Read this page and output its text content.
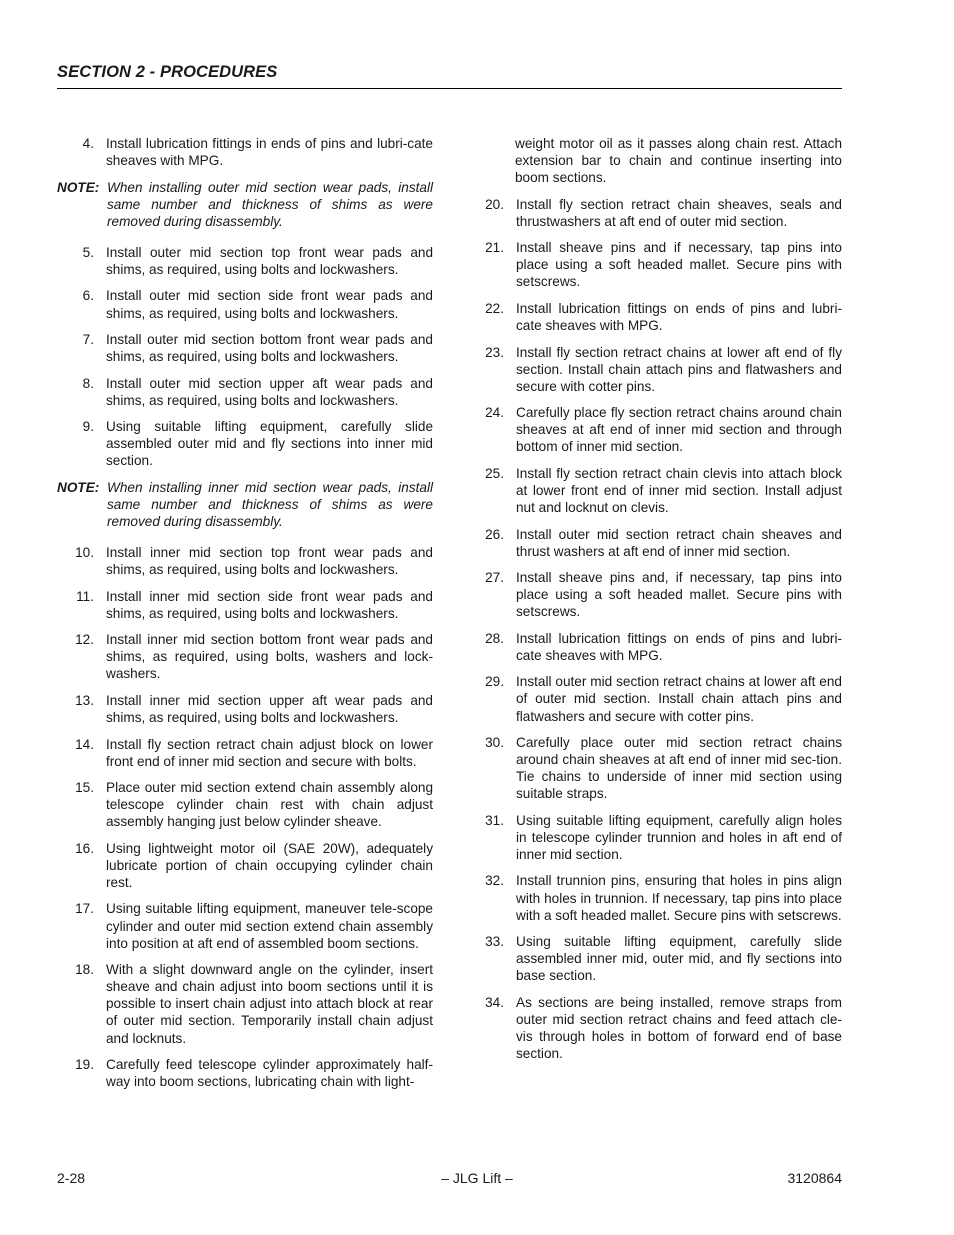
SECTION 2 - PROCEDURES
4. Install lubrication fittings in ends of pins and lubri-cate sheaves with MPG.
NOTE: When installing outer mid section wear pads, install same number and thickness of shims as were removed during disassembly.
5. Install outer mid section top front wear pads and shims, as required, using bolts and lockwashers.
6. Install outer mid section side front wear pads and shims, as required, using bolts and lockwashers.
7. Install outer mid section bottom front wear pads and shims, as required, using bolts and lockwashers.
8. Install outer mid section upper aft wear pads and shims, as required, using bolts and lockwashers.
9. Using suitable lifting equipment, carefully slide assembled outer mid and fly sections into inner mid section.
NOTE: When installing inner mid section wear pads, install same number and thickness of shims as were removed during disassembly.
10. Install inner mid section top front wear pads and shims, as required, using bolts and lockwashers.
11. Install inner mid section side front wear pads and shims, as required, using bolts and lockwashers.
12. Install inner mid section bottom front wear pads and shims, as required, using bolts, washers and lock-washers.
13. Install inner mid section upper aft wear pads and shims, as required, using bolts and lockwashers.
14. Install fly section retract chain adjust block on lower front end of inner mid section and secure with bolts.
15. Place outer mid section extend chain assembly along telescope cylinder chain rest with chain adjust assembly hanging just below cylinder sheave.
16. Using lightweight motor oil (SAE 20W), adequately lubricate portion of chain occupying cylinder chain rest.
17. Using suitable lifting equipment, maneuver tele-scope cylinder and outer mid section extend chain assembly into position at aft end of assembled boom sections.
18. With a slight downward angle on the cylinder, insert sheave and chain adjust into boom sections until it is possible to insert chain adjust into attach block at rear of outer mid section. Temporarily install chain adjust and locknuts.
19. Carefully feed telescope cylinder approximately half-way into boom sections, lubricating chain with light-
weight motor oil as it passes along chain rest. Attach extension bar to chain and continue inserting into boom sections.
20. Install fly section retract chain sheaves, seals and thrustwashers at aft end of outer mid section.
21. Install sheave pins and if necessary, tap pins into place using a soft headed mallet. Secure pins with setscrews.
22. Install lubrication fittings on ends of pins and lubri-cate sheaves with MPG.
23. Install fly section retract chains at lower aft end of fly section. Install chain attach pins and flatwashers and secure with cotter pins.
24. Carefully place fly section retract chains around chain sheaves at aft end of inner mid section and through bottom of inner mid section.
25. Install fly section retract chain clevis into attach block at lower front end of inner mid section. Install adjust nut and locknut on clevis.
26. Install outer mid section retract chain sheaves and thrust washers at aft end of inner mid section.
27. Install sheave pins and, if necessary, tap pins into place using a soft headed mallet. Secure pins with setscrews.
28. Install lubrication fittings on ends of pins and lubri-cate sheaves with MPG.
29. Install outer mid section retract chains at lower aft end of outer mid section. Install chain attach pins and flatwashers and secure with cotter pins.
30. Carefully place outer mid section retract chains around chain sheaves at aft end of inner mid sec-tion. Tie chains to underside of inner mid section using suitable straps.
31. Using suitable lifting equipment, carefully align holes in telescope cylinder trunnion and holes in aft end of inner mid section.
32. Install trunnion pins, ensuring that holes in pins align with holes in trunnion. If necessary, tap pins into place with a soft headed mallet. Secure pins with setscrews.
33. Using suitable lifting equipment, carefully slide assembled inner mid, outer mid, and fly sections into base section.
34. As sections are being installed, remove straps from outer mid section retract chains and feed attach cle-vis through holes in bottom of forward end of base section.
2-28	– JLG Lift –	3120864
